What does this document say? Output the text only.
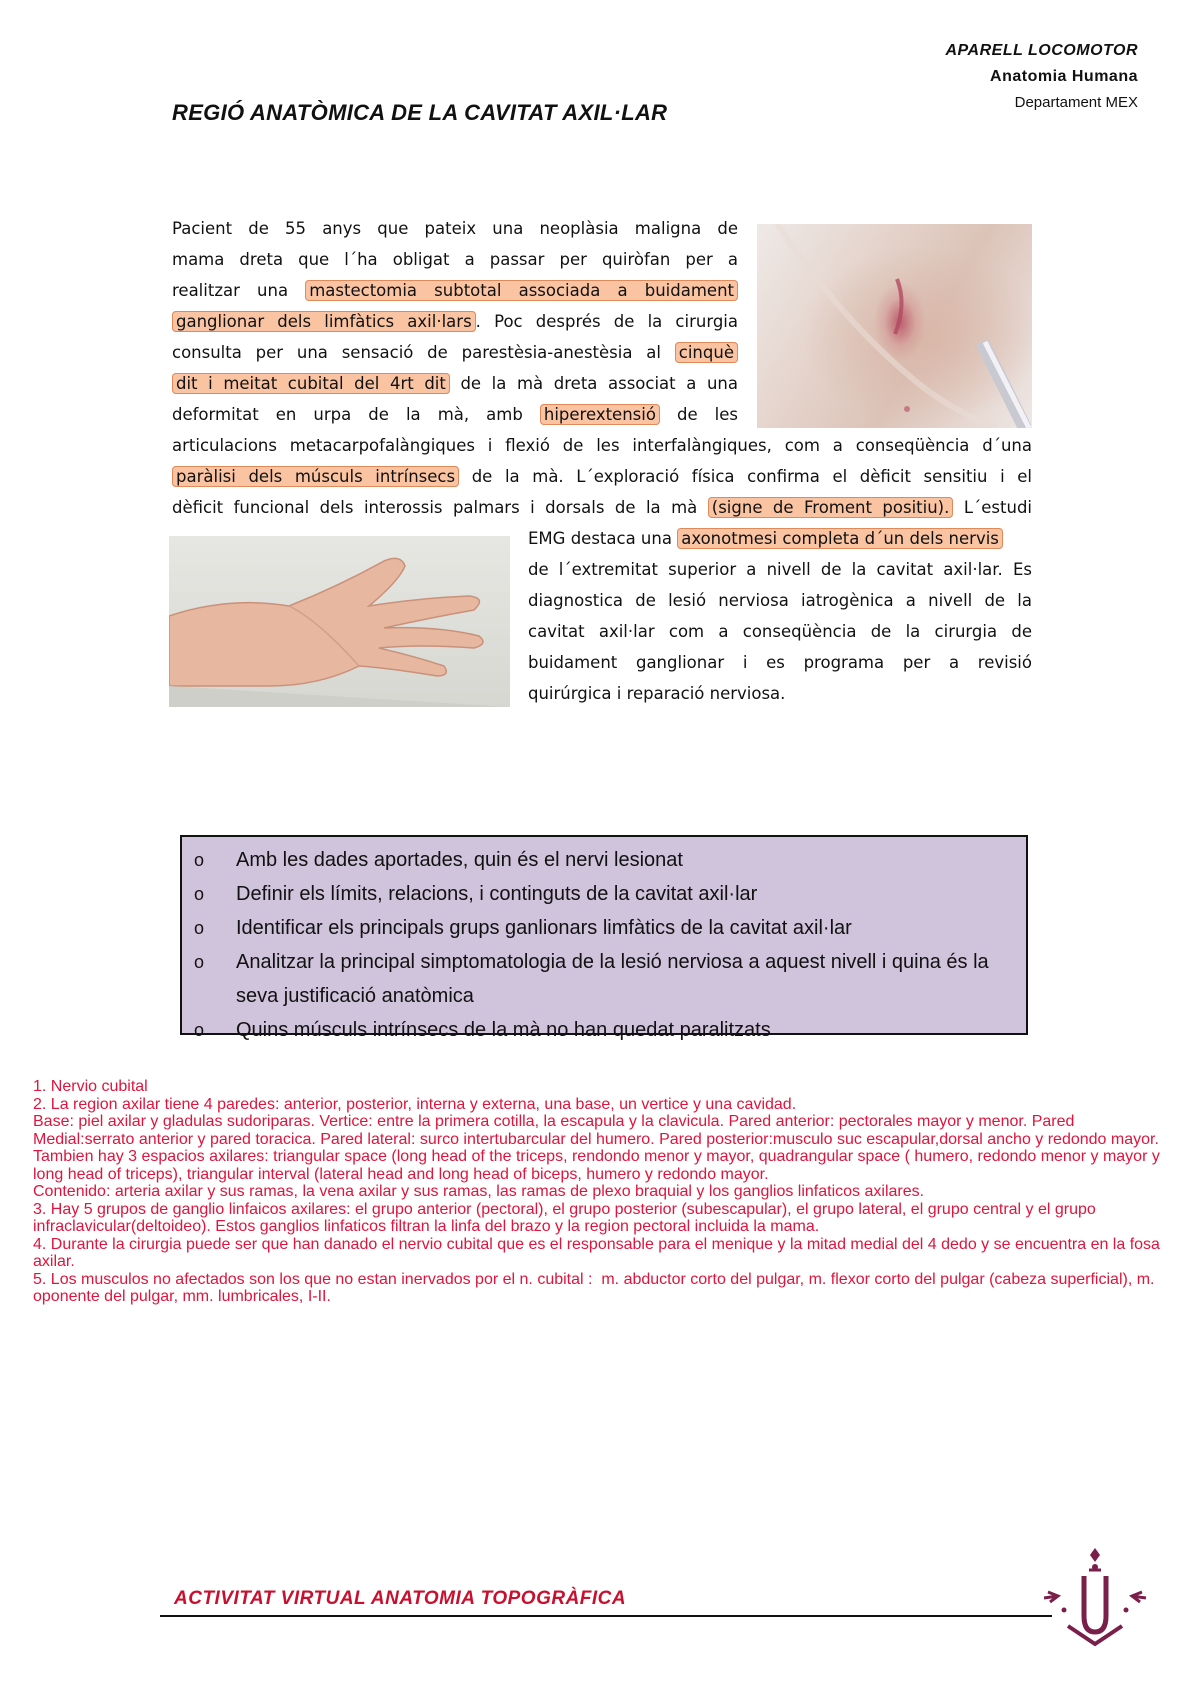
APARELL LOCOMOTOR
Anatomia Humana
Departament MEX
REGIÓ ANATÒMICA DE LA CAVITAT AXIL·LAR
Pacient de 55 anys que pateix una neoplàsia maligna de
mama dreta que l´ha obligat a passar per quiròfan per a
realitzar una mastectomia subtotal associada a buidament
ganglionar dels limfàtics axil·lars . Poc després de la cirurgia
consulta per una sensació de parestèsia-anestèsia al cinquè
dit i meitat cubital del 4rt dit de la mà dreta associat a una
deformitat en urpa de la mà, amb hiperextensió de les
articulacions metacarpofalàngiques i flexió de les interfalàngiques, com a conseqüència d´una
paràlisi dels músculs intrínsecs de la mà. L´exploració física confirma el dèficit sensitiu i el
dèficit funcional dels interossis palmars i dorsals de la mà (signe de Froment positiu). L´estudi
EMG destaca una axonotmesi completa d´un dels nervis
de l´extremitat superior a nivell de la cavitat axil·lar. Es
diagnostica de lesió nerviosa iatrogènica a nivell de la
cavitat axil·lar com a conseqüència de la cirurgia de
buidament ganglionar i es programa per a revisió
quirúrgica i reparació nerviosa.
o	Amb les dades aportades, quin és el nervi lesionat
o	Definir els límits, relacions, i continguts de la cavitat axil·lar
o	Identificar els principals grups ganlionars limfàtics de la cavitat axil·lar
o	Analitzar la principal simptomatologia de la lesió nerviosa a aquest nivell i quina és la seva justificació anatòmica
o	Quins músculs intrínsecs de la mà no han quedat paralitzats
1. Nervio cubital
2. La region axilar tiene 4 paredes: anterior, posterior, interna y externa, una base, un vertice y una cavidad.
Base: piel axilar y gladulas sudoriparas. Vertice: entre la primera cotilla, la escapula y la clavicula. Pared anterior: pectorales mayor y menor. Pared Medial:serrato anterior y pared toracica. Pared lateral: surco intertubarcular del humero. Pared posterior:musculo suc escapular,dorsal ancho y redondo mayor.
Tambien hay 3 espacios axilares: triangular space (long head of the triceps, rendondo menor y mayor, quadrangular space ( humero, redondo menor y mayor y long head of triceps), triangular interval (lateral head and long head of biceps, humero y redondo mayor.
Contenido: arteria axilar y sus ramas, la vena axilar y sus ramas, las ramas de plexo braquial y los ganglios linfaticos axilares.
3. Hay 5 grupos de ganglio linfaicos axilares: el grupo anterior (pectoral), el grupo posterior (subescapular), el grupo lateral, el grupo central y el grupo infraclavicular(deltoideo). Estos ganglios linfaticos filtran la linfa del brazo y la region pectoral incluida la mama.
4. Durante la cirurgia puede ser que han danado el nervio cubital que es el responsable para el menique y la mitad medial del 4 dedo y se encuentra en la fosa axilar.
5. Los musculos no afectados son los que no estan inervados por el n. cubital :  m. abductor corto del pulgar, m. flexor corto del pulgar (cabeza superficial), m. oponente del pulgar, mm. lumbricales, I-II.
ACTIVITAT VIRTUAL ANATOMIA TOPOGRÀFICA
